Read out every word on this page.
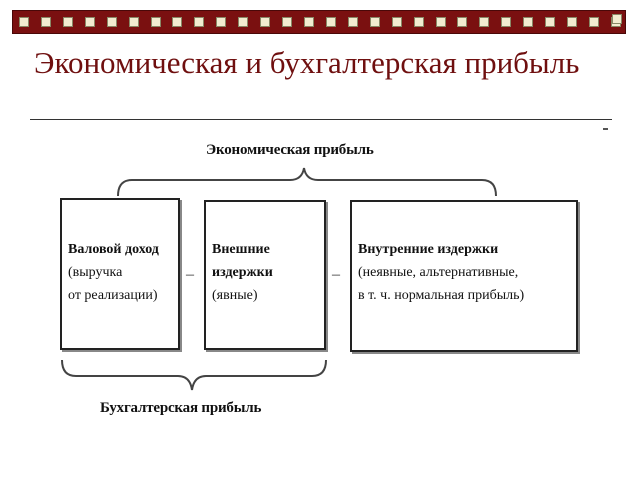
Экономическая и бухгалтерская прибыль
Экономическая прибыль
Валовой доход
(выручка
от реализации)
–
Внешние
издержки
(явные)
–
Внутренние издержки
(неявные, альтернативные,
в т. ч. нормальная прибыль)
Бухгалтерская прибыль
